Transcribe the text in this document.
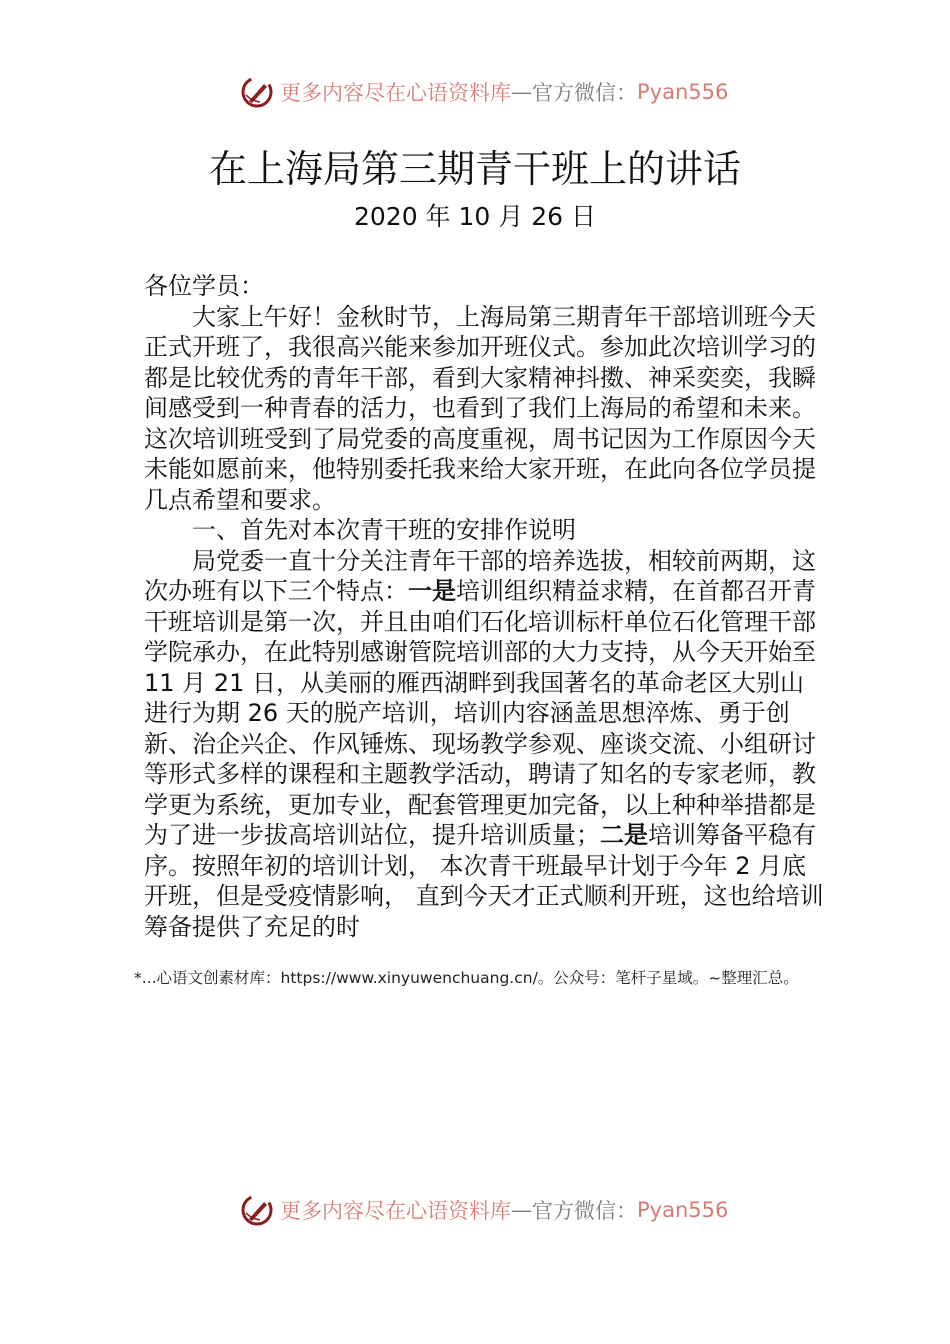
更多内容尽在心语资料库 — 官方微信： Pyan556
在上海局第三期青干班上的讲话
2020 年 10 月 26 日

各位学员：

大家上午好！金秋时节，上海局第三期青年干部培训班今天正式开班了，我很高兴能来参加开班仪式。参加此次培训学习的都是比较优秀的青年干部，看到大家精神抖擞、神采奕奕，我瞬间感受到一种青春的活力，也看到了我们上海局的希望和未来。这次培训班受到了局党委的高度重视，周书记因为工作原因今天未能如愿前来，他特别委托我来给大家开班，在此向各位学员提几点希望和要求。

一、首先对本次青干班的安排作说明

局党委一直十分关注青年干部的培养选拔，相较前两期，这次办班有以下三个特点：一是培训组织精益求精，在首都召开青干班培训是第一次，并且由咱们石化培训标杆单位石化管理干部学院承办，在此特别感谢管院培训部的大力支持，从今天开始至 11 月 21 日，从美丽的雁西湖畔到我国著名的革命老区大别山进行为期 26 天的脱产培训，培训内容涵盖思想淬炼、勇于创新、治企兴企、作风锤炼、现场教学参观、座谈交流、小组研讨等形式多样的课程和主题教学活动，聘请了知名的专家老师，教学更为系统，更加专业，配套管理更加完备，以上种种举措都是为了进一步拔高培训站位，提升培训质量；二是培训筹备平稳有序。按照年初的培训计划， 本次青干班最早计划于今年 2 月底开班，但是受疫情影响， 直到今天才正式顺利开班，这也给培训筹备提供了充足的时

*...心语文创素材库：https://www.xinyuwenchuang.cn/。公众号：笔杆子星域。~整理汇总。
更多内容尽在心语资料库 — 官方微信： Pyan556
